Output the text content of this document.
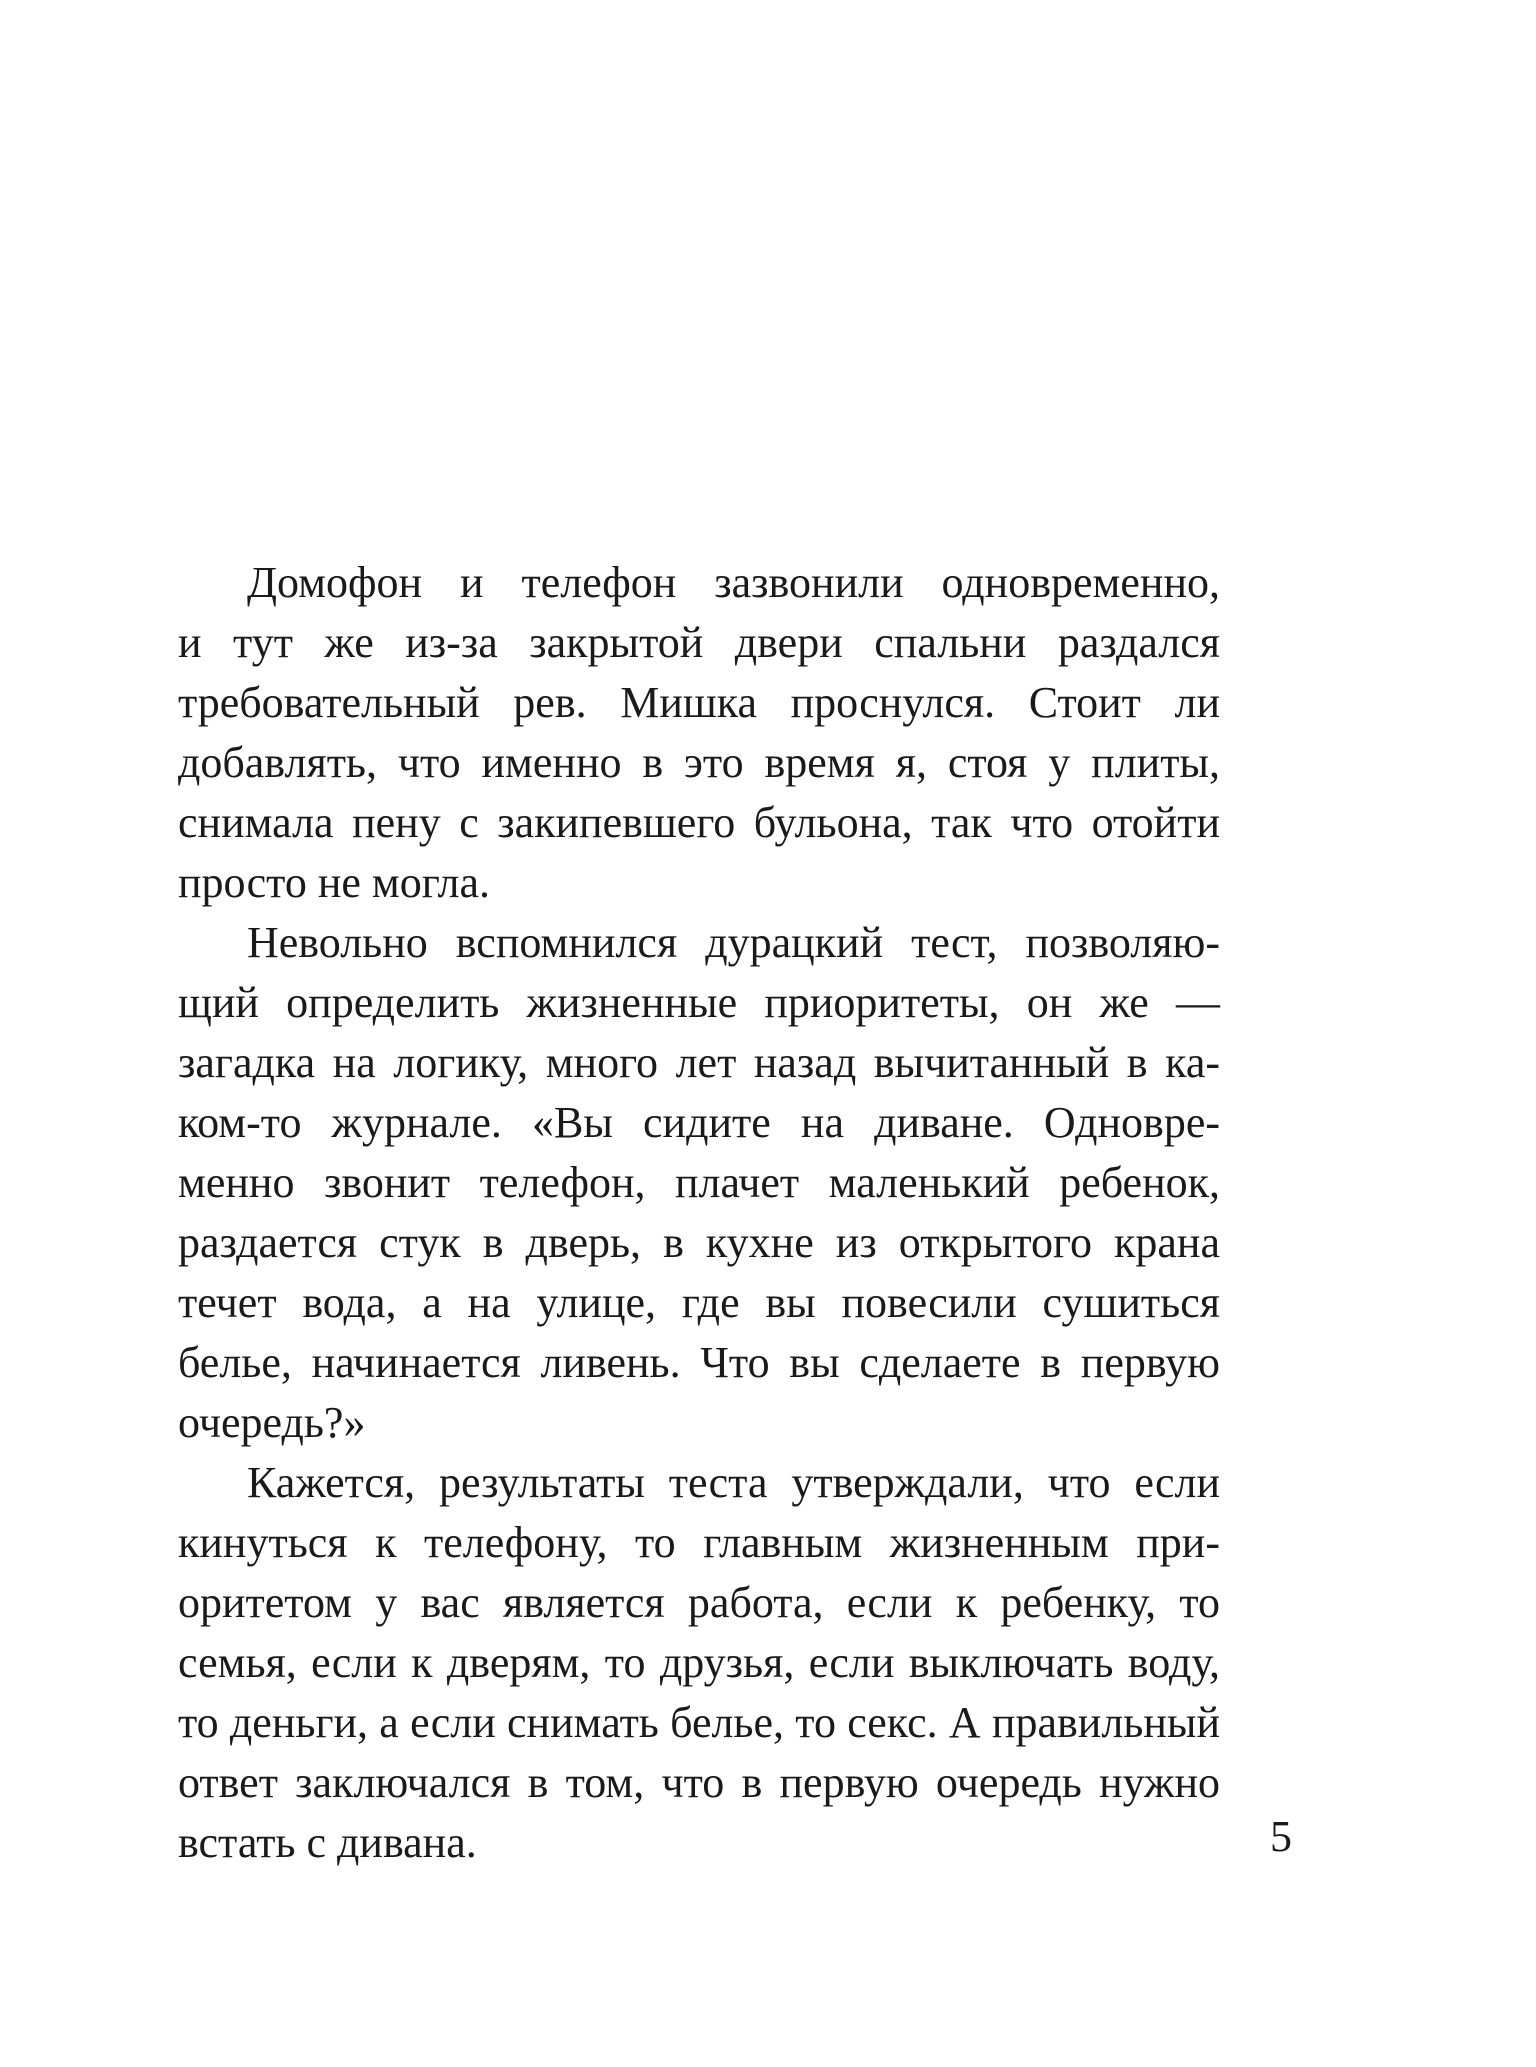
Домофон и телефон зазвонили одновременно,
и тут же из-за закрытой двери спальни раздался
требовательный рев. Мишка проснулся. Стоит ли
добавлять, что именно в это время я, стоя у плиты,
снимала пену с закипевшего бульона, так что отойти
просто не могла.
Невольно вспомнился дурацкий тест, позволяю-
щий определить жизненные приоритеты, он же —
загадка на логику, много лет назад вычитанный в ка-
ком-то журнале. «Вы сидите на диване. Одновре-
менно звонит телефон, плачет маленький ребенок,
раздается стук в дверь, в кухне из открытого крана
течет вода, а на улице, где вы повесили сушиться
белье, начинается ливень. Что вы сделаете в первую
очередь?»
Кажется, результаты теста утверждали, что если
кинуться к телефону, то главным жизненным при-
оритетом у вас является работа, если к ребенку, то
семья, если к дверям, то друзья, если выключать воду,
то деньги, а если снимать белье, то секс. А правильный
ответ заключался в том, что в первую очередь нужно
встать с дивана.	5
